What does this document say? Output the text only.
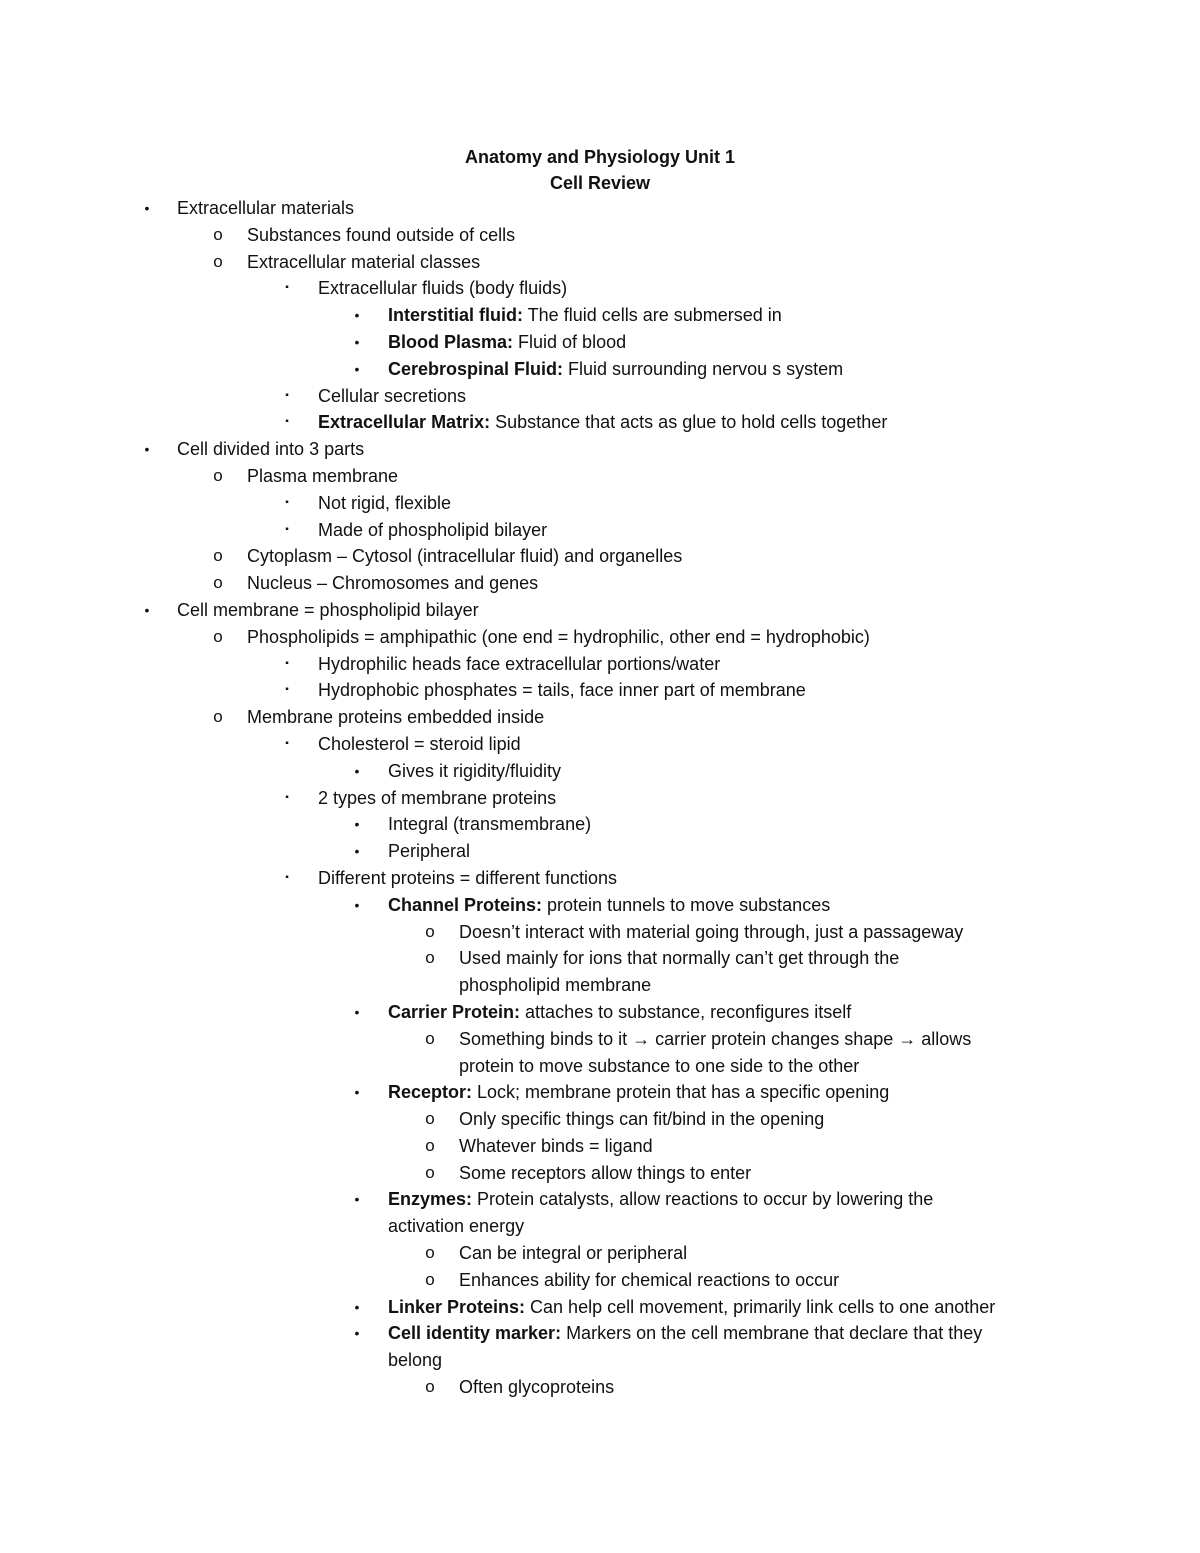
Anatomy and Physiology Unit 1
Cell Review
•	Extracellular materials
o Substances found outside of cells
o Extracellular material classes
▪	Extracellular fluids (body fluids)
•	Interstitial fluid: The fluid cells are submersed in
•	Blood Plasma: Fluid of blood
•	Cerebrospinal Fluid: Fluid surrounding nervou s system
▪	Cellular secretions
▪	Extracellular Matrix: Substance that acts as glue to hold cells together
•	Cell divided into 3 parts
o Plasma membrane
▪	Not rigid, flexible
▪	Made of phospholipid bilayer
o Cytoplasm – Cytosol (intracellular fluid) and organelles
o Nucleus – Chromosomes and genes
•	Cell membrane = phospholipid bilayer
o Phospholipids = amphipathic (one end = hydrophilic, other end = hydrophobic)
▪	Hydrophilic heads face extracellular portions/water
▪	Hydrophobic phosphates = tails, face inner part of membrane
o Membrane proteins embedded inside
▪	Cholesterol = steroid lipid
•	Gives it rigidity/fluidity
▪	2 types of membrane proteins
•	Integral (transmembrane)
•	Peripheral
▪	Different proteins = different functions
•	Channel Proteins: protein tunnels to move substances
o Doesn’t interact with material going through, just a passageway
o Used mainly for ions that normally can’t get through the
phospholipid membrane
•	Carrier Protein: attaches to substance, reconfigures itself
o Something binds to it → carrier protein changes shape → allows
protein to move substance to one side to the other
•	Receptor: Lock; membrane protein that has a specific opening
o Only specific things can fit/bind in the opening
o Whatever binds = ligand
o Some receptors allow things to enter
•	Enzymes: Protein catalysts, allow reactions to occur by lowering the
activation energy
o Can be integral or peripheral
o Enhances ability for chemical reactions to occur
•	Linker Proteins: Can help cell movement, primarily link cells to one another
•	Cell identity marker: Markers on the cell membrane that declare that they
belong
o Often glycoproteins
